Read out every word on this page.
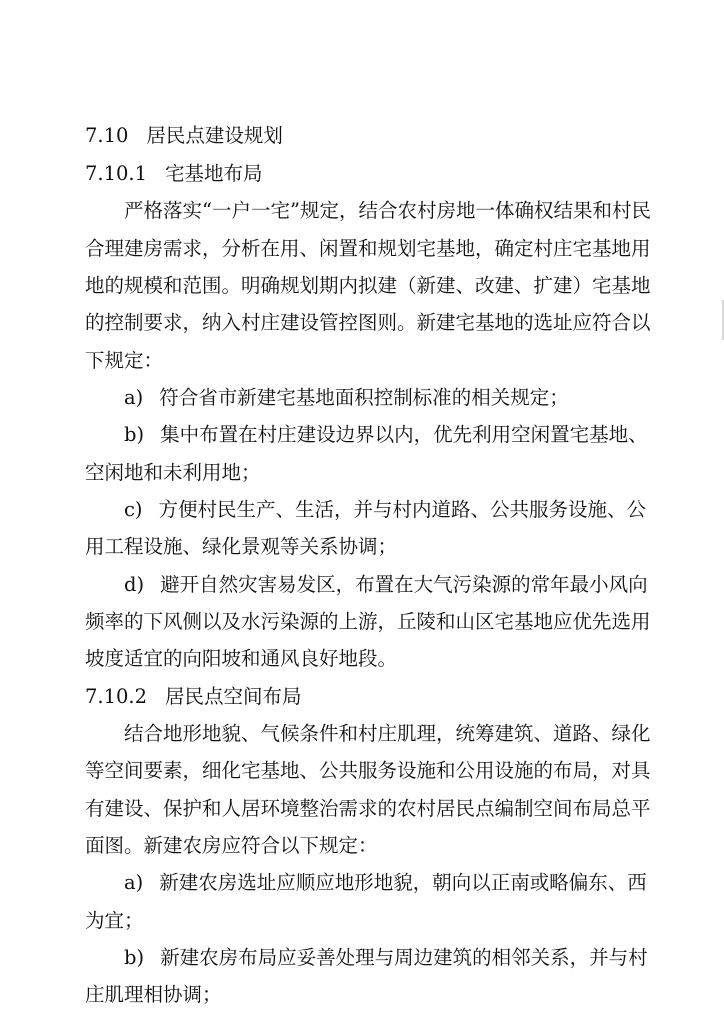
7.10 居民点建设规划
7.10.1 宅基地布局
严格落实“一户一宅”规定，结合农村房地一体确权结果和村民
合理建房需求，分析在用、闲置和规划宅基地，确定村庄宅基地用
地的规模和范围。明确规划期内拟建（新建、改建、扩建）宅基地
的控制要求，纳入村庄建设管控图则。新建宅基地的选址应符合以
下规定：
a) 符合省市新建宅基地面积控制标准的相关规定；
b) 集中布置在村庄建设边界以内，优先利用空闲置宅基地、
空闲地和未利用地；
c) 方便村民生产、生活，并与村内道路、公共服务设施、公
用工程设施、绿化景观等关系协调；
d) 避开自然灾害易发区，布置在大气污染源的常年最小风向
频率的下风侧以及水污染源的上游，丘陵和山区宅基地应优先选用
坡度适宜的向阳坡和通风良好地段。
7.10.2 居民点空间布局
结合地形地貌、气候条件和村庄肌理，统筹建筑、道路、绿化
等空间要素，细化宅基地、公共服务设施和公用设施的布局，对具
有建设、保护和人居环境整治需求的农村居民点编制空间布局总平
面图。新建农房应符合以下规定：
a) 新建农房选址应顺应地形地貌，朝向以正南或略偏东、西
为宜；
b) 新建农房布局应妥善处理与周边建筑的相邻关系，并与村
庄肌理相协调；
